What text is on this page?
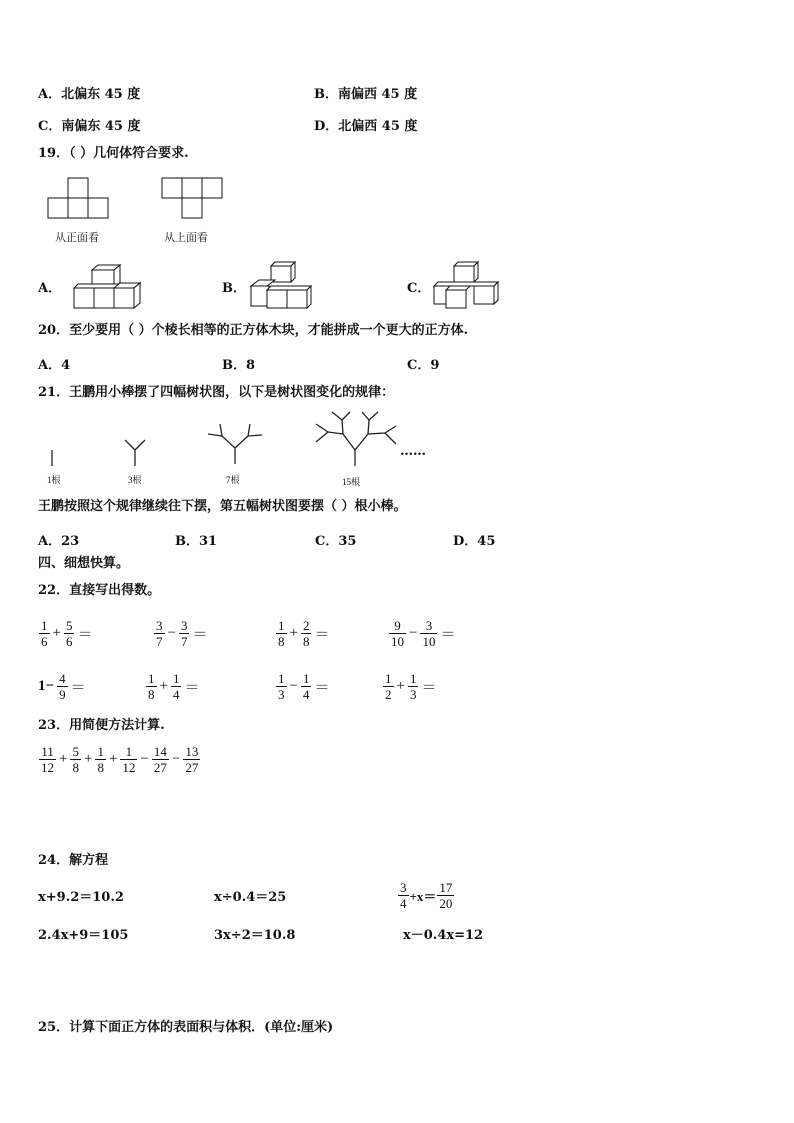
A．北偏东 45 度	B．南偏西 45 度
C．南偏东 45 度	D．北偏西 45 度
19．（ ）几何体符合要求.
从正面看	从上面看
A．	B．	C．
20．至少要用（ ）个棱长相等的正方体木块，才能拼成一个更大的正方体.
A．4	B．8	C．9
21．王鹏用小棒摆了四幅树状图，以下是树状图变化的规律：
1根	3根	7根	15根
……
王鹏按照这个规律继续往下摆，第五幅树状图要摆（ ）根小棒。
A．23	B．31	C．35	D．45
四、细想快算。
22．直接写出得数。
$\frac{1}{6} + \frac{5}{6}$ ＝	$\frac{3}{7} - \frac{3}{7}$ ＝	$\frac{1}{8} + \frac{2}{8}$ ＝	$\frac{9}{10} - \frac{3}{10}$ ＝
$1- \frac{4}{9}$ ＝	$\frac{1}{8} + \frac{1}{4}$ ＝	$\frac{1}{3} - \frac{1}{4}$ ＝	$\frac{1}{2} + \frac{1}{3}$ ＝
23．用简便方法计算.
$\frac{11}{12} + \frac{5}{8} + \frac{1}{8} + \frac{1}{12} - \frac{14}{27} - \frac{13}{27}$
24．解方程
x+9.2＝10.2	x÷0.4＝25	$\frac{3}{4} +x= \frac{17}{20}$
2.4x+9＝105	3x÷2＝10.8	x－0.4x=12
25．计算下面正方体的表面积与体积．(单位:厘米)
